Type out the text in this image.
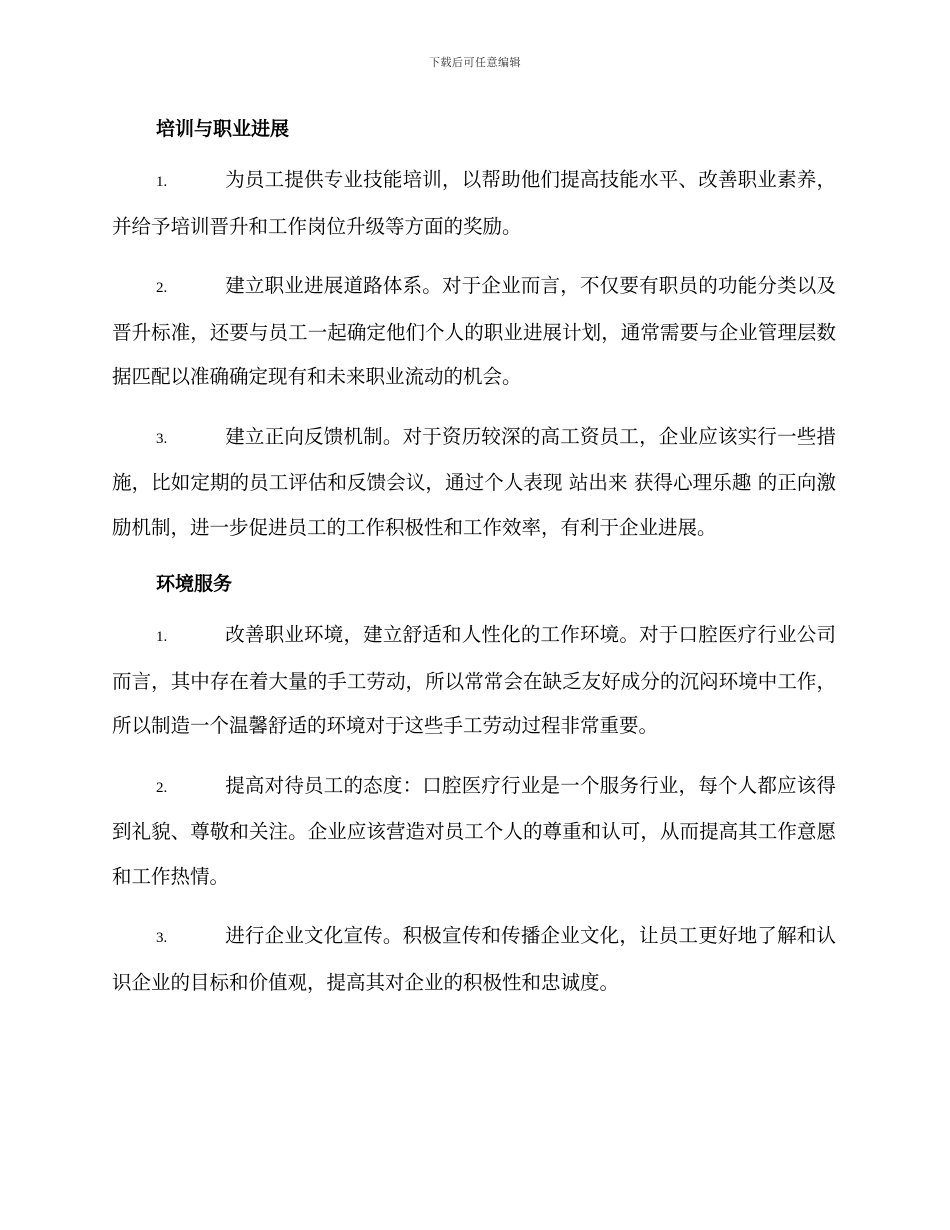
下载后可任意编辑
培训与职业进展

1.	为员工提供专业技能培训，以帮助他们提高技能水平、改善职业素养，并给予培训晋升和工作岗位升级等方面的奖励。

2.	建立职业进展道路体系。对于企业而言，不仅要有职员的功能分类以及晋升标准，还要与员工一起确定他们个人的职业进展计划，通常需要与企业管理层数据匹配以准确确定现有和未来职业流动的机会。

3.	建立正向反馈机制。对于资历较深的高工资员工，企业应该实行一些措施，比如定期的员工评估和反馈会议，通过个人表现 站出来 获得心理乐趣 的正向激励机制，进一步促进员工的工作积极性和工作效率，有利于企业进展。

环境服务

1.	改善职业环境，建立舒适和人性化的工作环境。对于口腔医疗行业公司而言，其中存在着大量的手工劳动，所以常常会在缺乏友好成分的沉闷环境中工作，所以制造一个温馨舒适的环境对于这些手工劳动过程非常重要。

2.	提高对待员工的态度：口腔医疗行业是一个服务行业，每个人都应该得到礼貌、尊敬和关注。企业应该营造对员工个人的尊重和认可，从而提高其工作意愿和工作热情。

3.	进行企业文化宣传。积极宣传和传播企业文化，让员工更好地了解和认识企业的目标和价值观，提高其对企业的积极性和忠诚度。
